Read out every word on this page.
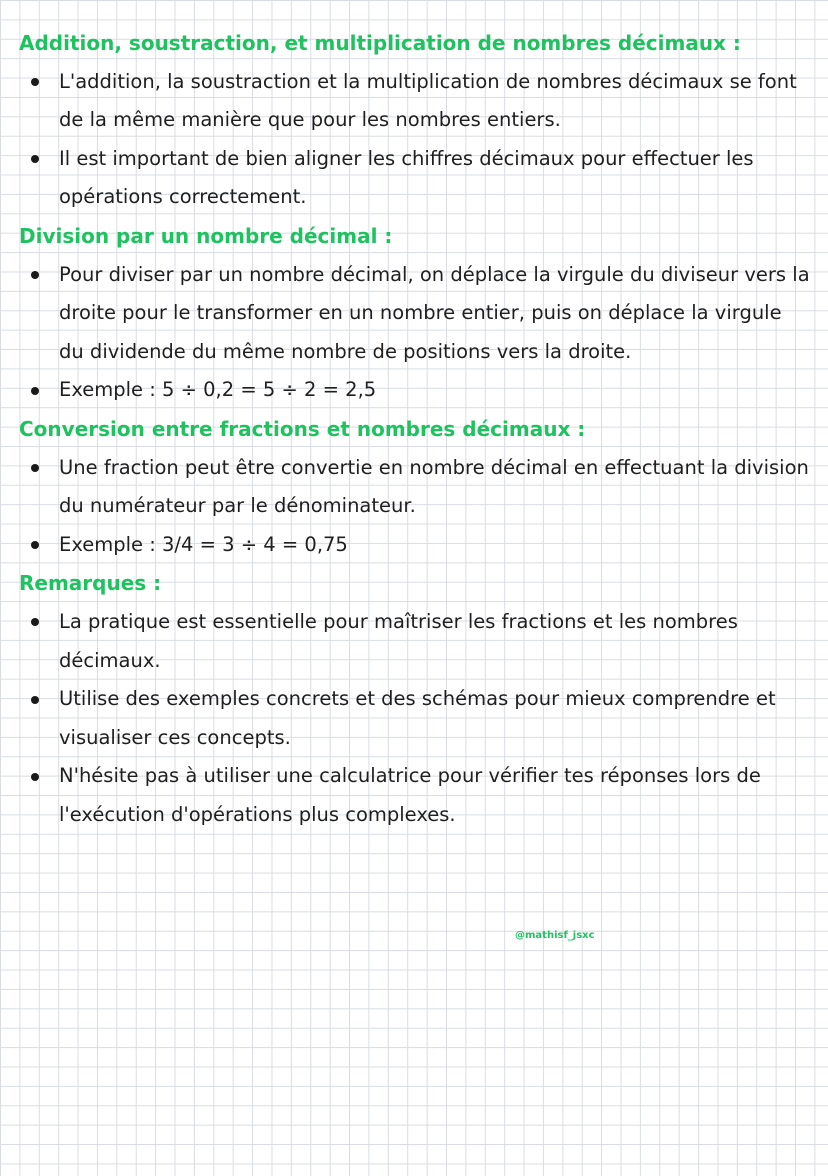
Addition, soustraction, et multiplication de nombres décimaux :
L'addition, la soustraction et la multiplication de nombres décimaux se font de la même manière que pour les nombres entiers.
Il est important de bien aligner les chiffres décimaux pour effectuer les opérations correctement.
Division par un nombre décimal :
Pour diviser par un nombre décimal, on déplace la virgule du diviseur vers la droite pour le transformer en un nombre entier, puis on déplace la virgule du dividende du même nombre de positions vers la droite.
Exemple : 5 ÷ 0,2 = 5 ÷ 2 = 2,5
Conversion entre fractions et nombres décimaux :
Une fraction peut être convertie en nombre décimal en effectuant la division du numérateur par le dénominateur.
Exemple : 3/4 = 3 ÷ 4 = 0,75
Remarques :
La pratique est essentielle pour maîtriser les fractions et les nombres décimaux.
Utilise des exemples concrets et des schémas pour mieux comprendre et visualiser ces concepts.
N'hésite pas à utiliser une calculatrice pour vérifier tes réponses lors de l'exécution d'opérations plus complexes.
@mathisf_jsxc
